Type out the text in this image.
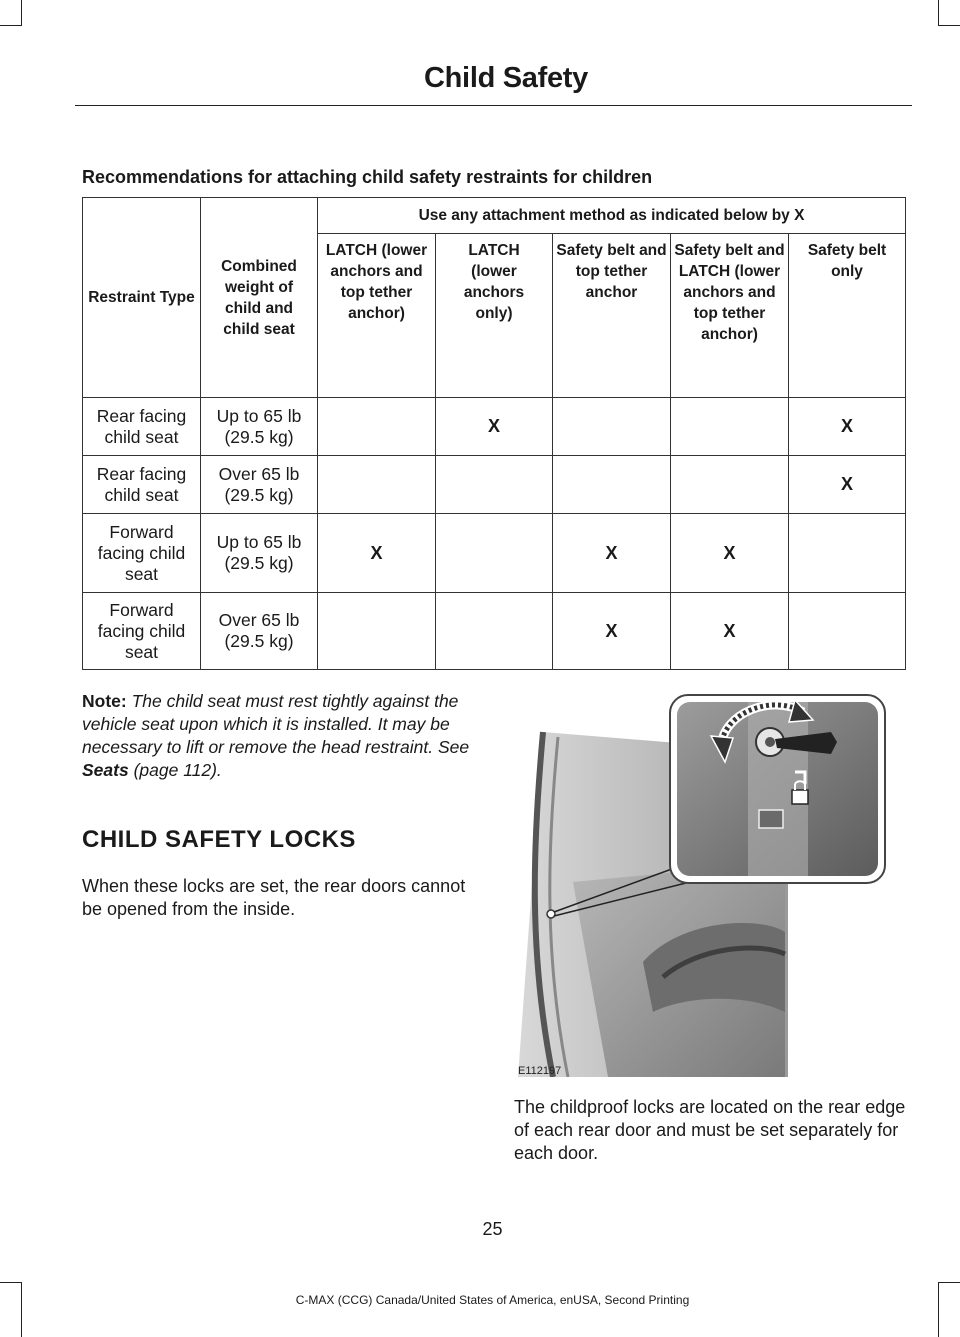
Child Safety
Recommendations for attaching child safety restraints for children
Restraint Type	Combined weight of child and child seat	Use any attachment method as indicated below by X				
		LATCH (lower anchors and top tether anchor)	LATCH (lower anchors only)	Safety belt and top tether anchor	Safety belt and LATCH (lower anchors and top tether anchor)	Safety belt only
Rear facing child seat	Up to 65 lb (29.5 kg)		X			X
Rear facing child seat	Over 65 lb (29.5 kg)					X
Forward facing child seat	Up to 65 lb (29.5 kg)	X		X	X	
Forward facing child seat	Over 65 lb (29.5 kg)			X	X	
Note: The child seat must rest tightly against the vehicle seat upon which it is installed. It may be necessary to lift or remove the head restraint. See Seats (page 112).
CHILD SAFETY LOCKS
When these locks are set, the rear doors cannot be opened from the inside.
E112197
The childproof locks are located on the rear edge of each rear door and must be set separately for each door.
25
C-MAX (CCG) Canada/United States of America, enUSA, Second Printing
